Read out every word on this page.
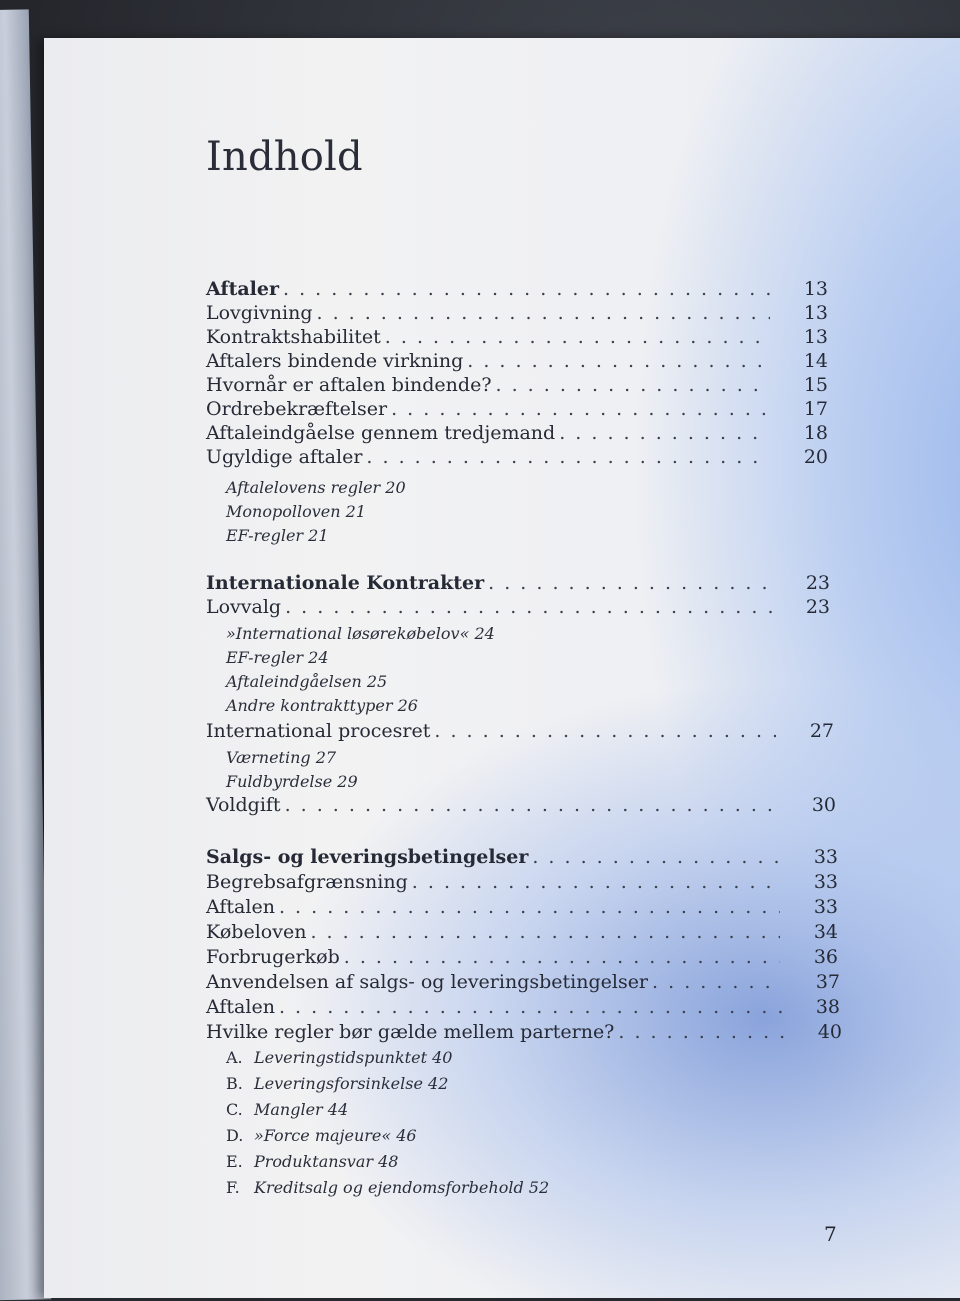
Indhold
Aftaler . . .	13
Lovgivning . . .	13
Kontraktshabilitet . . .	13
Aftalers bindende virkning . . .	14
Hvornår er aftalen bindende? . . .	15
Ordrebekræftelser . . .	17
Aftaleindgåelse gennem tredjemand . . .	18
Ugyldige aftaler . . .	20
Aftalelovens regler 20
Monopolloven 21
EF-regler 21
Internationale Kontrakter . . .	23
Lovvalg . . .	23
»International løsørekøbelov« 24
EF-regler 24
Aftaleindgåelsen 25
Andre kontrakttyper 26
International procesret . . .	27
Værneting 27
Fuldbyrdelse 29
Voldgift . . .	30
Salgs- og leveringsbetingelser . . .	33
Begrebsafgrænsning . . .	33
Aftalen . . .	33
Købeloven . . .	34
Forbrugerkøb . . .	36
Anvendelsen af salgs- og leveringsbetingelser . . .	37
Aftalen . . .	38
Hvilke regler bør gælde mellem parterne? . . .	40
A. Leveringstidspunktet 40
B. Leveringsforsinkelse 42
C. Mangler 44
D. »Force majeure« 46
E. Produktansvar 48
F. Kreditsalg og ejendomsforbehold 52
7
